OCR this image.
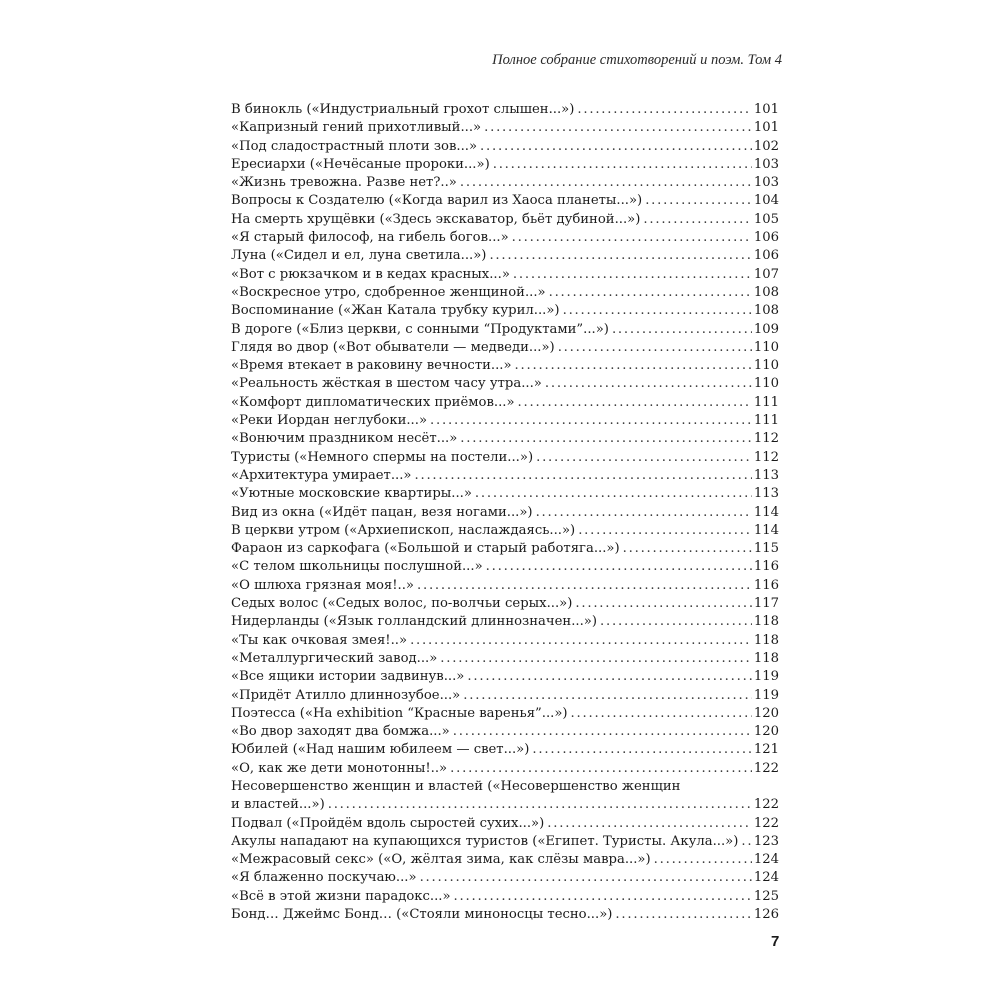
Полное собрание стихотворений и поэм. Том 4
В бинокль («Индустриальный грохот слышен...») . . .	101
«Капризный гений прихотливый...» . . .	101
«Под сладострастный плоти зов...» . . .	102
Ересиархи («Нечёсаные пророки...») . . .	103
«Жизнь тревожна. Разве нет?..» . . .	103
Вопросы к Создателю («Когда варил из Хаоса планеты...») . . .	104
На смерть хрущёвки («Здесь экскаватор, бьёт дубиной...») . . .	105
«Я старый философ, на гибель богов...» . . .	106
Луна («Сидел и ел, луна светила...») . . .	106
«Вот с рюкзачком и в кедах красных...» . . .	107
«Воскресное утро, сдобренное женщиной...» . . .	108
Воспоминание («Жан Катала трубку курил...») . . .	108
В дороге («Близ церкви, с сонными “Продуктами”...») . . .	109
Глядя во двор («Вот обыватели — медведи...») . . .	110
«Время втекает в раковину вечности...» . . .	110
«Реальность жёсткая в шестом часу утра...» . . .	110
«Комфорт дипломатических приёмов...» . . .	111
«Реки Иордан неглубоки...» . . .	111
«Вонючим праздником несёт...» . . .	112
Туристы («Немного спермы на постели...») . . .	112
«Архитектура умирает...» . . .	113
«Уютные московские квартиры...» . . .	113
Вид из окна («Идёт пацан, везя ногами...») . . .	114
В церкви утром («Архиепископ, наслаждаясь...») . . .	114
Фараон из саркофага («Большой и старый работяга...») . . .	115
«С телом школьницы послушной...» . . .	116
«О шлюха грязная моя!..» . . .	116
Седых волос («Седых волос, по-волчьи серых...») . . .	117
Нидерланды («Язык голландский длиннозначен...») . . .	118
«Ты как очковая змея!..» . . .	118
«Металлургический завод...» . . .	118
«Все ящики истории задвинув...» . . .	119
«Придёт Атилло длиннозубое...» . . .	119
Поэтесса («На exhibition “Красные варенья”...») . . .	120
«Во двор заходят два бомжа...» . . .	120
Юбилей («Над нашим юбилеем — свет...») . . .	121
«О, как же дети монотонны!..» . . .	122
Несовершенство женщин и властей («Несовершенство женщин
и властей...») . . .	122
Подвал («Пройдём вдоль сыростей сухих...») . . .	122
Акулы нападают на купающихся туристов («Египет. Туристы. Акула...») . . . 123
«Межрасовый секс» («О, жёлтая зима, как слёзы мавра...») . . .	124
«Я блаженно поскучаю...» . . .	124
«Всё в этой жизни парадокс...» . . .	125
Бонд… Джеймс Бонд… («Стояли миноносцы тесно...») . . .	126
7
